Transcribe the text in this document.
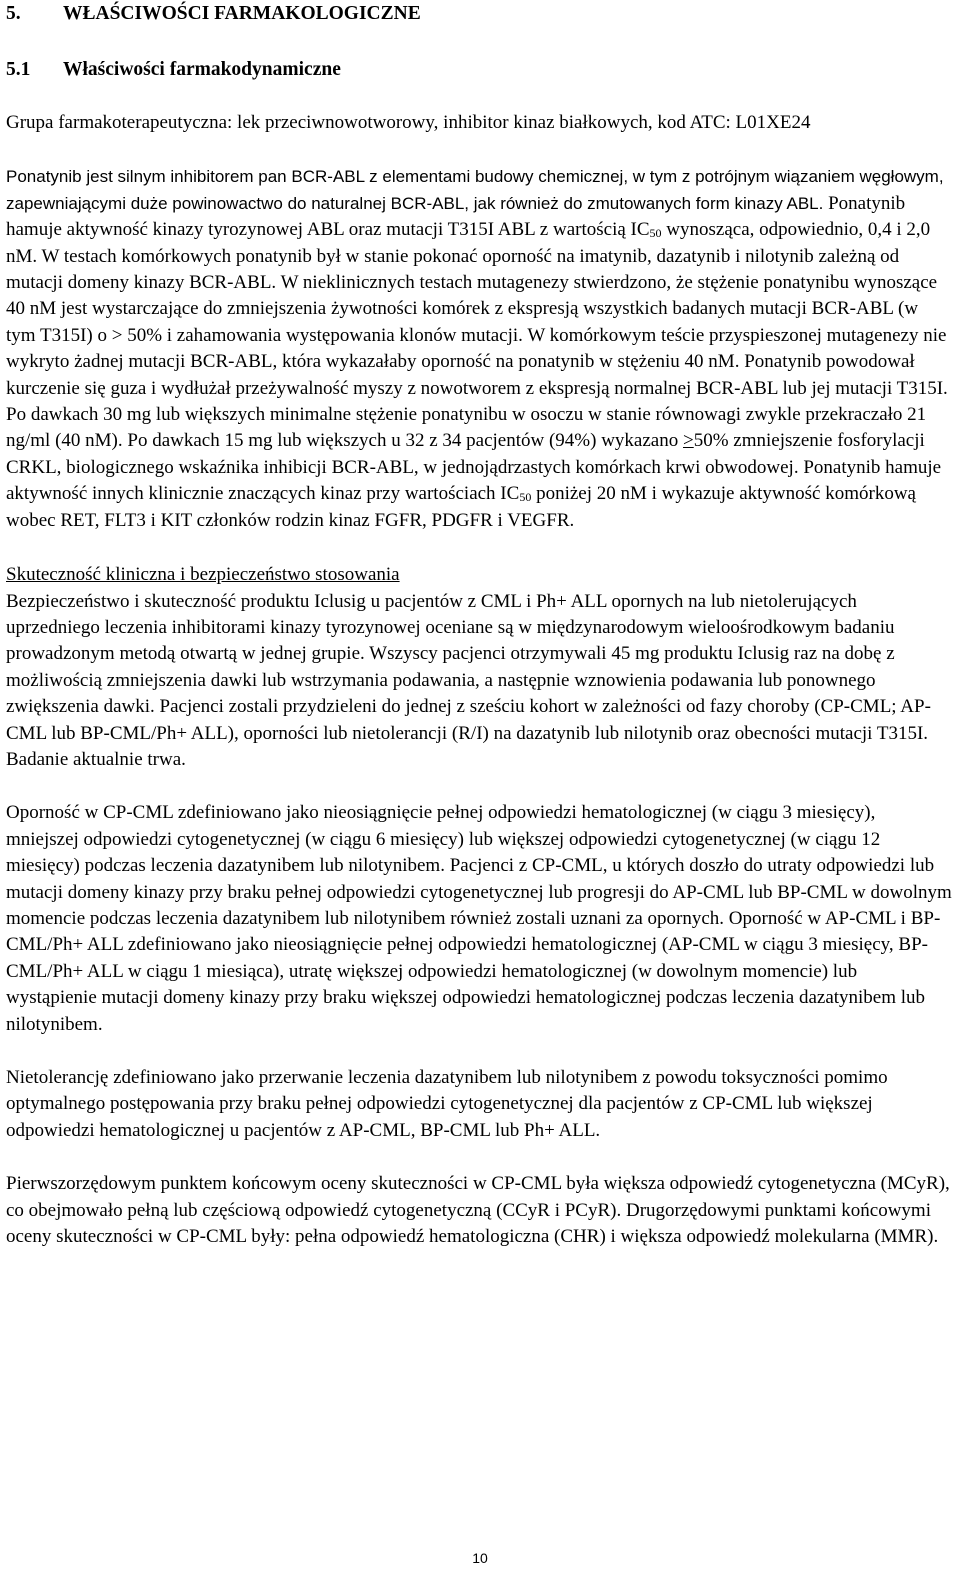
5. WŁAŚCIWOŚCI FARMAKOLOGICZNE
5.1 Właściwości farmakodynamiczne

Grupa farmakoterapeutyczna: lek przeciwnowotworowy, inhibitor kinaz białkowych, kod ATC: L01XE24

Ponatynib jest silnym inhibitorem pan BCR-ABL z elementami budowy chemicznej, w tym z potrójnym wiązaniem węgłowym, zapewniającymi duże powinowactwo do naturalnej BCR-ABL, jak również do zmutowanych form kinazy ABL. Ponatynib hamuje aktywność kinazy tyrozynowej ABL oraz mutacji T315I ABL z wartością $IC_{50}$ wynosząca, odpowiednio, 0,4 i 2,0 nM. W testach komórkowych ponatynib był w stanie pokonać oporność na imatynib, dazatynib i nilotynib zależną od mutacji domeny kinazy BCR-ABL. W nieklinicznych testach mutagenezy stwierdzono, że stężenie ponatynibu wynoszące 40 nM jest wystarczające do zmniejszenia żywotności komórek z ekspresją wszystkich badanych mutacji BCR-ABL (w tym T315I) o > 50% i zahamowania występowania klonów mutacji. W komórkowym teście przyspieszonej mutagenezy nie wykryto żadnej mutacji BCR-ABL, która wykazałaby oporność na ponatynib w stężeniu 40 nM. Ponatynib powodował kurczenie się guza i wydłużał przeżywalność myszy z nowotworem z ekspresją normalnej BCR-ABL lub jej mutacji T315I. Po dawkach 30 mg lub większych minimalne stężenie ponatynibu w osoczu w stanie równowagi zwykle przekraczało 21 ng/ml (40 nM). Po dawkach 15 mg lub większych u 32 z 34 pacjentów (94%) wykazano ≥50% zmniejszenie fosforylacji CRKL, biologicznego wskaźnika inhibicji BCR-ABL, w jednojądrzastych komórkach krwi obwodowej. Ponatynib hamuje aktywność innych klinicznie znaczących kinaz przy wartościach $IC_{50}$ poniżej 20 nM i wykazuje aktywność komórkową wobec RET, FLT3 i KIT członków rodzin kinaz FGFR, PDGFR i VEGFR.

Skuteczność kliniczna i bezpieczeństwo stosowania

Bezpieczeństwo i skuteczność produktu Iclusig u pacjentów z CML i Ph+ ALL opornych na lub nietolerujących uprzedniego leczenia inhibitorami kinazy tyrozynowej oceniane są w międzynarodowym wieloośrodkowym badaniu prowadzonym metodą otwartą w jednej grupie. Wszyscy pacjenci otrzymywali 45 mg produktu Iclusig raz na dobę z możliwością zmniejszenia dawki lub wstrzymania podawania, a następnie wznowienia podawania lub ponownego zwiększenia dawki. Pacjenci zostali przydzieleni do jednej z sześciu kohort w zależności od fazy choroby (CP-CML; AP-CML lub BP-CML/Ph+ ALL), oporności lub nietolerancji (R/I) na dazatynib lub nilotynib oraz obecności mutacji T315I. Badanie aktualnie trwa.

Oporność w CP-CML zdefiniowano jako nieosiągnięcie pełnej odpowiedzi hematologicznej (w ciągu 3 miesięcy), mniejszej odpowiedzi cytogenetycznej (w ciągu 6 miesięcy) lub większej odpowiedzi cytogenetycznej (w ciągu 12 miesięcy) podczas leczenia dazatynibem lub nilotynibem. Pacjenci z CP-CML, u których doszło do utraty odpowiedzi lub mutacji domeny kinazy przy braku pełnej odpowiedzi cytogenetycznej lub progresji do AP-CML lub BP-CML w dowolnym momencie podczas leczenia dazatynibem lub nilotynibem również zostali uznani za opornych. Oporność w AP-CML i BP-CML/Ph+ ALL zdefiniowano jako nieosiągnięcie pełnej odpowiedzi hematologicznej (AP-CML w ciągu 3 miesięcy, BP-CML/Ph+ ALL w ciągu 1 miesiąca), utratę większej odpowiedzi hematologicznej (w dowolnym momencie) lub wystąpienie mutacji domeny kinazy przy braku większej odpowiedzi hematologicznej podczas leczenia dazatynibem lub nilotynibem.

Nietolerancję zdefiniowano jako przerwanie leczenia dazatynibem lub nilotynibem z powodu toksyczności pomimo optymalnego postępowania przy braku pełnej odpowiedzi cytogenetycznej dla pacjentów z CP-CML lub większej odpowiedzi hematologicznej u pacjentów z AP-CML, BP-CML lub Ph+ ALL.

Pierwszorzędowym punktem końcowym oceny skuteczności w CP-CML była większa odpowiedź cytogenetyczna (MCyR), co obejmowało pełną lub częściową odpowiedź cytogenetyczną (CCyR i PCyR). Drugorzędowymi punktami końcowymi oceny skuteczności w CP-CML były: pełna odpowiedź hematologiczna (CHR) i większa odpowiedź molekularna (MMR).

10
